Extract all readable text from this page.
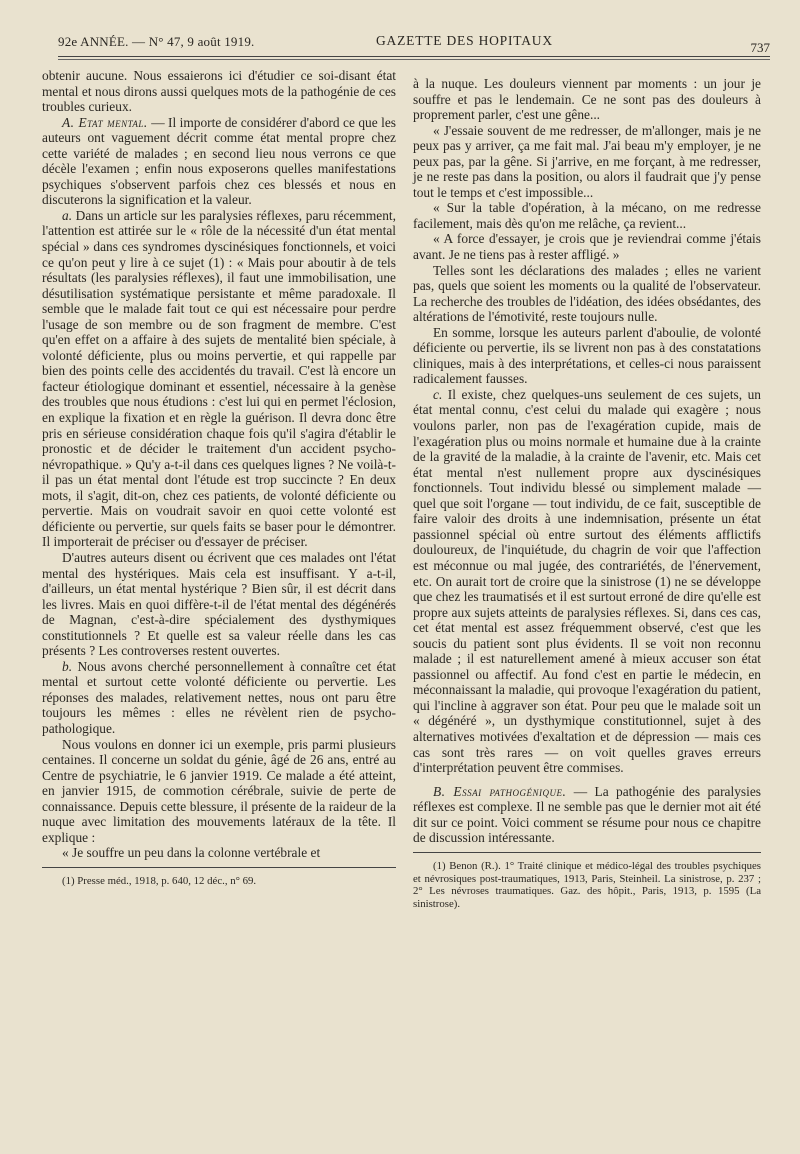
92e ANNÉE. — N° 47, 9 août 1919.	GAZETTE DES HOPITAUX	737

obtenir aucune. Nous essaierons ici d'étudier ce soi-disant état mental et nous dirons aussi quelques mots de la pathogénie de ces troubles curieux.

A. Etat mental. — Il importe de considérer d'abord ce que les auteurs ont vaguement décrit comme état mental propre chez cette variété de malades ; en second lieu nous verrons ce que décèle l'examen ; enfin nous exposerons quelles manifestations psychiques s'observent parfois chez ces blessés et nous en discuterons la signification et la valeur.

a. Dans un article sur les paralysies réflexes, paru récemment, l'attention est attirée sur le « rôle de la nécessité d'un état mental spécial » dans ces syndromes dyscinésiques fonctionnels, et voici ce qu'on peut y lire à ce sujet (1) : « Mais pour aboutir à de tels résultats (les paralysies réflexes), il faut une immobilisation, une désutilisation systématique persistante et même paradoxale. Il semble que le malade fait tout ce qui est nécessaire pour perdre l'usage de son membre ou de son fragment de membre. C'est qu'en effet on a affaire à des sujets de mentalité bien spéciale, à volonté déficiente, plus ou moins pervertie, et qui rappelle par bien des points celle des accidentés du travail. C'est là encore un facteur étiologique dominant et essentiel, nécessaire à la genèse des troubles que nous étudions : c'est lui qui en permet l'éclosion, en explique la fixation et en règle la guérison. Il devra donc être pris en sérieuse considération chaque fois qu'il s'agira d'établir le pronostic et de décider le traitement d'un accident psycho-névropathique. » Qu'y a-t-il dans ces quelques lignes ? Ne voilà-t-il pas un état mental dont l'étude est trop succincte ? En deux mots, il s'agit, dit-on, chez ces patients, de volonté déficiente ou pervertie. Mais on voudrait savoir en quoi cette volonté est déficiente ou pervertie, sur quels faits se baser pour le démontrer. Il importerait de préciser ou d'essayer de préciser.

D'autres auteurs disent ou écrivent que ces malades ont l'état mental des hystériques. Mais cela est insuffisant. Y a-t-il, d'ailleurs, un état mental hystérique ? Bien sûr, il est décrit dans les livres. Mais en quoi diffère-t-il de l'état mental des dégénérés de Magnan, c'est-à-dire spécialement des dysthymiques constitutionnels ? Et quelle est sa valeur réelle dans les cas présents ? Les controverses restent ouvertes.

b. Nous avons cherché personnellement à connaître cet état mental et surtout cette volonté déficiente ou pervertie. Les réponses des malades, relativement nettes, nous ont paru être toujours les mêmes : elles ne révèlent rien de psycho-pathologique.

Nous voulons en donner ici un exemple, pris parmi plusieurs centaines. Il concerne un soldat du génie, âgé de 26 ans, entré au Centre de psychiatrie, le 6 janvier 1919. Ce malade a été atteint, en janvier 1915, de commotion cérébrale, suivie de perte de connaissance. Depuis cette blessure, il présente de la raideur de la nuque avec limitation des mouvements latéraux de la tête. Il explique :

« Je souffre un peu dans la colonne vertébrale et

(1) Presse méd., 1918, p. 640, 12 déc., n° 69.

à la nuque. Les douleurs viennent par moments : un jour je souffre et pas le lendemain. Ce ne sont pas des douleurs à proprement parler, c'est une gêne...

« J'essaie souvent de me redresser, de m'allonger, mais je ne peux pas y arriver, ça me fait mal. J'ai beau m'y employer, je ne peux pas, par la gêne. Si j'arrive, en me forçant, à me redresser, je ne reste pas dans la position, ou alors il faudrait que j'y pense tout le temps et c'est impossible...

« Sur la table d'opération, à la mécano, on me redresse facilement, mais dès qu'on me relâche, ça revient...

« A force d'essayer, je crois que je reviendrai comme j'étais avant. Je ne tiens pas à rester affligé. »

Telles sont les déclarations des malades ; elles ne varient pas, quels que soient les moments ou la qualité de l'observateur. La recherche des troubles de l'idéation, des idées obsédantes, des altérations de l'émotivité, reste toujours nulle.

En somme, lorsque les auteurs parlent d'aboulie, de volonté déficiente ou pervertie, ils se livrent non pas à des constatations cliniques, mais à des interprétations, et celles-ci nous paraissent radicalement fausses.

c. Il existe, chez quelques-uns seulement de ces sujets, un état mental connu, c'est celui du malade qui exagère ; nous voulons parler, non pas de l'exagération cupide, mais de l'exagération plus ou moins normale et humaine due à la crainte de la gravité de la maladie, à la crainte de l'avenir, etc. Mais cet état mental n'est nullement propre aux dyscinésiques fonctionnels. Tout individu blessé ou simplement malade — quel que soit l'organe — tout individu, de ce fait, susceptible de faire valoir des droits à une indemnisation, présente un état passionnel spécial où entre surtout des éléments afflictifs douloureux, de l'inquiétude, du chagrin de voir que l'affection est méconnue ou mal jugée, des contrariétés, de l'énervement, etc. On aurait tort de croire que la sinistrose (1) ne se développe que chez les traumatisés et il est surtout erroné de dire qu'elle est propre aux sujets atteints de paralysies réflexes. Si, dans ces cas, cet état mental est assez fréquemment observé, c'est que les soucis du patient sont plus évidents. Il se voit non reconnu malade ; il est naturellement amené à mieux accuser son état passionnel ou affectif. Au fond c'est en partie le médecin, en méconnaissant la maladie, qui provoque l'exagération du patient, qui l'incline à aggraver son état. Pour peu que le malade soit un « dégénéré », un dysthymique constitutionnel, sujet à des alternatives motivées d'exaltation et de dépression — mais ces cas sont très rares — on voit quelles graves erreurs d'interprétation peuvent être commises.

B. Essai pathogénique. — La pathogénie des paralysies réflexes est complexe. Il ne semble pas que le dernier mot ait été dit sur ce point. Voici comment se résume pour nous ce chapitre de discussion intéressante.

(1) Benon (R.). 1° Traité clinique et médico-légal des troubles psychiques et névrosiques post-traumatiques, 1913, Paris, Steinheil. La sinistrose, p. 237 ; 2° Les névroses traumatiques. Gaz. des hôpit., Paris, 1913, p. 1595 (La sinistrose).
